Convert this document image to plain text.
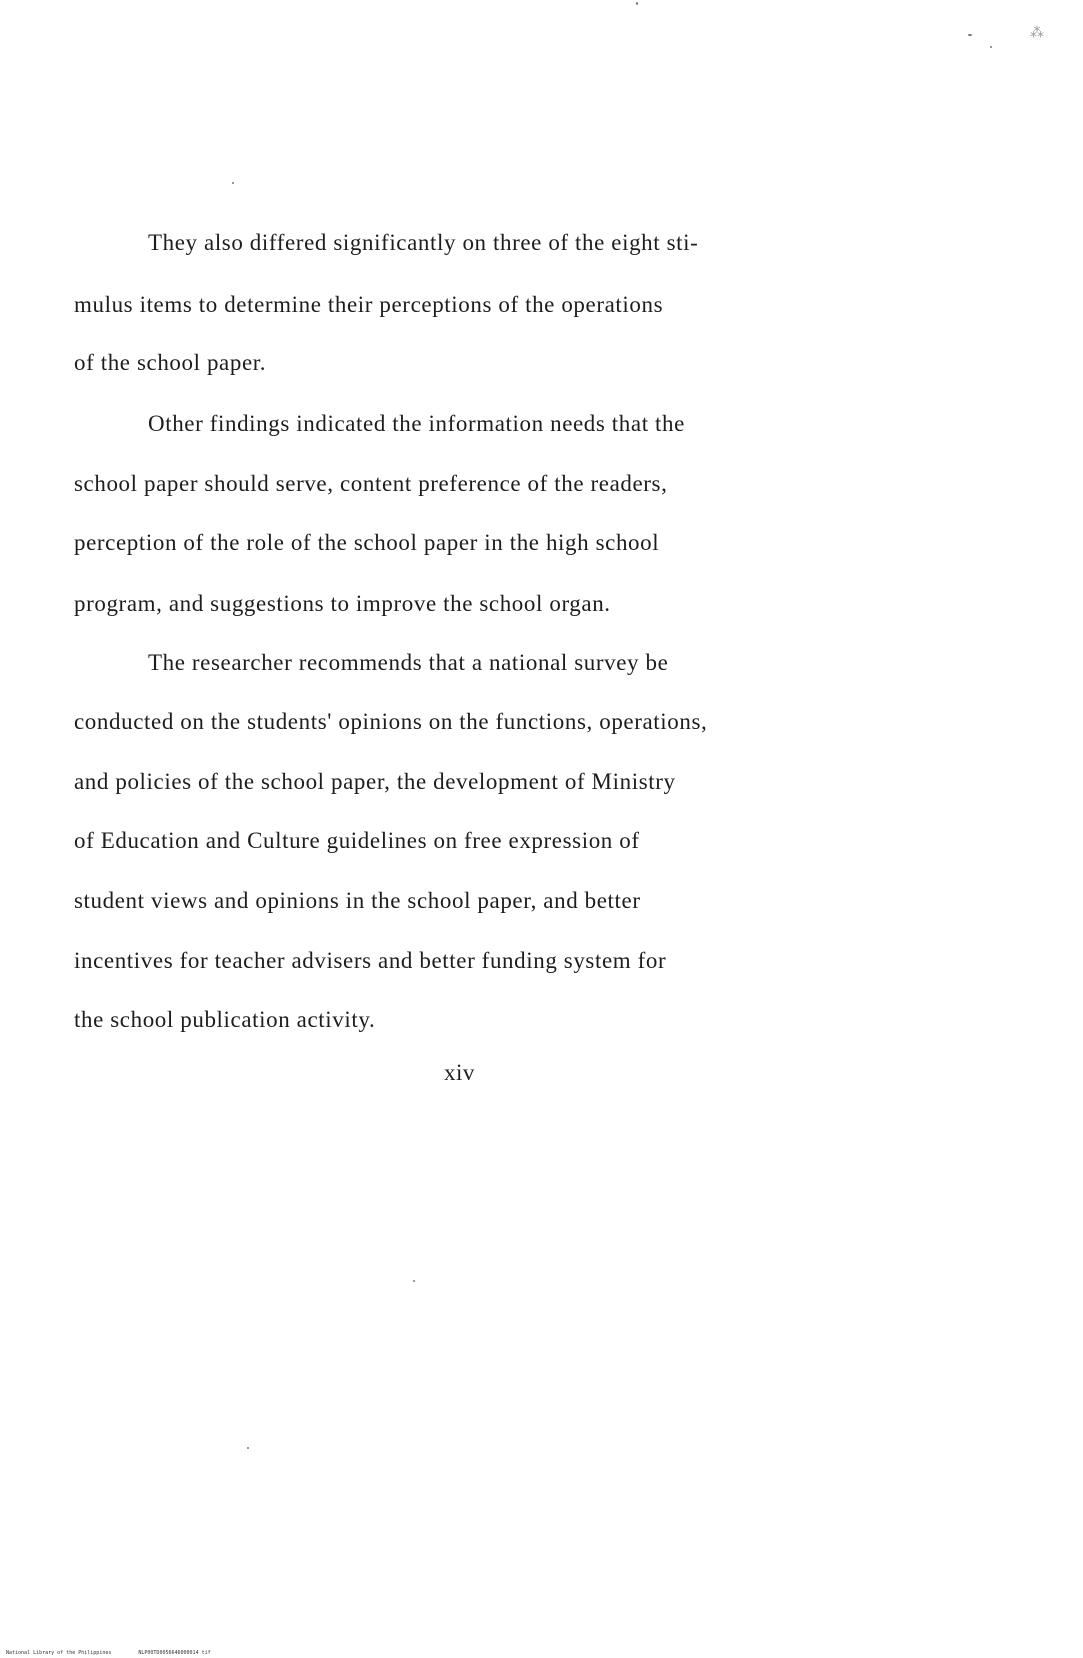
⁂
They also differed significantly on three of the eight sti-
mulus items to determine their perceptions of the operations
of the school paper.
Other findings indicated the information needs that the
school paper should serve, content preference of the readers,
perception of the role of the school paper in the high school
program, and suggestions to improve the school organ.
The researcher recommends that a national survey be
conducted on the students' opinions on the functions, operations,
and policies of the school paper, the development of Ministry
of Education and Culture guidelines on free expression of
student views and opinions in the school paper, and better
incentives for teacher advisers and better funding system for
the school publication activity.
xiv
National Library of the Philippines	NLP00TD0056646000014 tif
